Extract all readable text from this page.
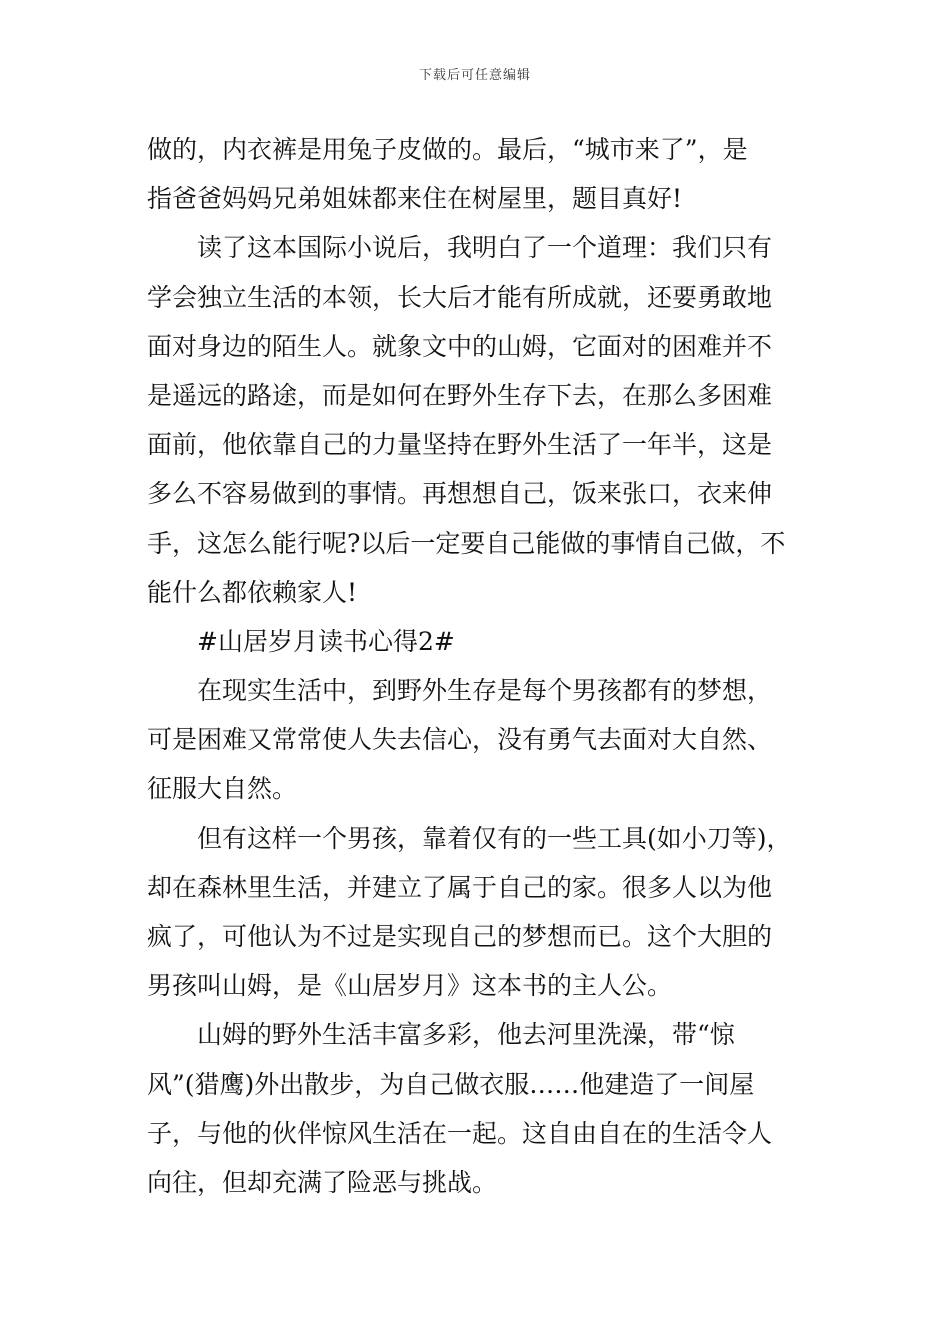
下载后可任意编辑
做的，内衣裤是用兔子皮做的。最后，“城市来了”，是
指爸爸妈妈兄弟姐妹都来住在树屋里，题目真好!
读了这本国际小说后，我明白了一个道理：我们只有
学会独立生活的本领，长大后才能有所成就，还要勇敢地
面对身边的陌生人。就象文中的山姆，它面对的困难并不
是遥远的路途，而是如何在野外生存下去，在那么多困难
面前，他依靠自己的力量坚持在野外生活了一年半，这是
多么不容易做到的事情。再想想自己，饭来张口，衣来伸
手，这怎么能行呢?以后一定要自己能做的事情自己做，不
能什么都依赖家人!
#山居岁月读书心得2#
在现实生活中，到野外生存是每个男孩都有的梦想，
可是困难又常常使人失去信心，没有勇气去面对大自然、
征服大自然。
但有这样一个男孩，靠着仅有的一些工具(如小刀等)，
却在森林里生活，并建立了属于自己的家。很多人以为他
疯了，可他认为不过是实现自己的梦想而已。这个大胆的
男孩叫山姆，是《山居岁月》这本书的主人公。
山姆的野外生活丰富多彩，他去河里洗澡，带“惊
风”(猎鹰)外出散步，为自己做衣服……他建造了一间屋
子，与他的伙伴惊风生活在一起。这自由自在的生活令人
向往，但却充满了险恶与挑战。
